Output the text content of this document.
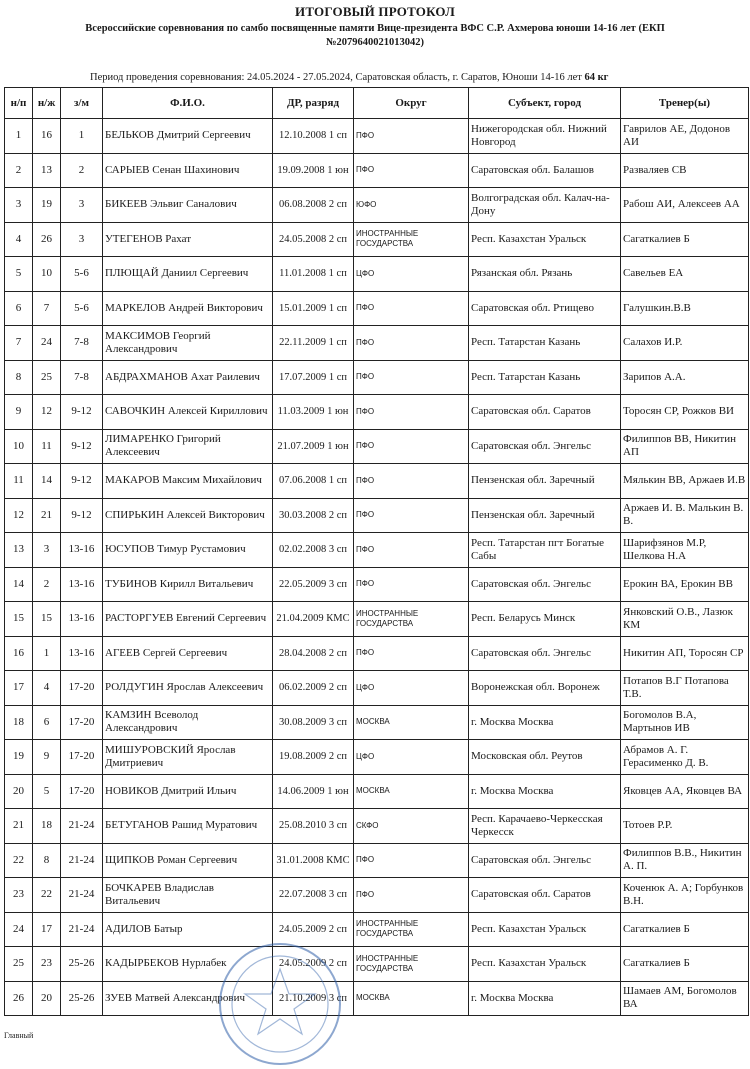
ИТОГОВЫЙ ПРОТОКОЛ
Всероссийские соревнования по самбо посвященные памяти Вице-президента ВФС С.Р. Ахмерова юноши 14-16 лет (ЕКП №2079640021013042)
Период проведения соревнования: 24.05.2024 - 27.05.2024, Саратовская область, г. Саратов, Юноши 14-16 лет 64 кг
н/п	н/ж	з/м	Ф.И.О.	ДР, разряд	Округ	Субъект, город	Тренер(ы)
1	16	1	БЕЛЬКОВ Дмитрий Сергеевич	12.10.2008 1 сп	ПФО	Нижегородская обл. Нижний Новгород	Гаврилов АЕ, Додонов АИ
2	13	2	САРЫЕВ Сенан Шахинович	19.09.2008 1 юн	ПФО	Саратовская обл. Балашов	Разваляев СВ
3	19	3	БИКЕЕВ Эльвиг Саналович	06.08.2008 2 сп	ЮФО	Волгоградская обл. Калач-на-Дону	Рабош АИ, Алексеев АА
4	26	3	УТЕГЕНОВ Рахат	24.05.2008 2 сп	ИНОСТРАННЫЕ ГОСУДАРСТВА	Респ. Казахстан Уральск	Сагаткалиев Б
5	10	5-6	ПЛЮЩАЙ Даниил Сергеевич	11.01.2008 1 сп	ЦФО	Рязанская обл. Рязань	Савельев ЕА
6	7	5-6	МАРКЕЛОВ Андрей Викторович	15.01.2009 1 сп	ПФО	Саратовская обл. Ртищево	Галушкин.В.В
7	24	7-8	МАКСИМОВ Георгий Александрович	22.11.2009 1 сп	ПФО	Респ. Татарстан Казань	Салахов И.Р.
8	25	7-8	АБДРАХМАНОВ Ахат Раилевич	17.07.2009 1 сп	ПФО	Респ. Татарстан Казань	Зарипов А.А.
9	12	9-12	САВОЧКИН Алексей Кириллович	11.03.2009 1 юн	ПФО	Саратовская обл. Саратов	Торосян СР, Рожков ВИ
10	11	9-12	ЛИМАРЕНКО Григорий Алексеевич	21.07.2009 1 юн	ПФО	Саратовская обл. Энгельс	Филиппов ВВ, Никитин АП
11	14	9-12	МАКАРОВ Максим Михайлович	07.06.2008 1 сп	ПФО	Пензенская обл. Заречный	Мялькин ВВ, Аржаев И.В
12	21	9-12	СПИРЬКИН Алексей Викторович	30.03.2008 2 сп	ПФО	Пензенская обл. Заречный	Аржаев И. В. Малькин В. В.
13	3	13-16	ЮСУПОВ Тимур Рустамович	02.02.2008 3 сп	ПФО	Респ. Татарстан пгт Богатые Сабы	Шарифзянов М.Р, Шелкова Н.А
14	2	13-16	ТУБИНОВ Кирилл Витальевич	22.05.2009 3 сп	ПФО	Саратовская обл. Энгельс	Ерокин ВА, Ерокин ВВ
15	15	13-16	РАСТОРГУЕВ Евгений Сергеевич	21.04.2009 КМС	ИНОСТРАННЫЕ ГОСУДАРСТВА	Респ. Беларусь Минск	Янковский О.В., Лазюк КМ
16	1	13-16	АГЕЕВ Сергей Сергеевич	28.04.2008 2 сп	ПФО	Саратовская обл. Энгельс	Никитин АП, Торосян СР
17	4	17-20	РОЛДУГИН Ярослав Алексеевич	06.02.2009 2 сп	ЦФО	Воронежская обл. Воронеж	Потапов В.Г Потапова Т.В.
18	6	17-20	КАМЗИН Всеволод Александрович	30.08.2009 3 сп	МОСКВА	г. Москва Москва	Богомолов В.А, Мартынов ИВ
19	9	17-20	МИШУРОВСКИЙ Ярослав Дмитриевич	19.08.2009 2 сп	ЦФО	Московская обл. Реутов	Абрамов А. Г. Герасименко Д. В.
20	5	17-20	НОВИКОВ Дмитрий Ильич	14.06.2009 1 юн	МОСКВА	г. Москва Москва	Яковцев АА, Яковцев ВА
21	18	21-24	БЕТУГАНОВ Рашид Муратович	25.08.2010 3 сп	СКФО	Респ. Карачаево-Черкесская Черкесск	Тотоев Р.Р.
22	8	21-24	ЩИПКОВ Роман Сергеевич	31.01.2008 КМС	ПФО	Саратовская обл. Энгельс	Филиппов В.В., Никитин А. П.
23	22	21-24	БОЧКАРЕВ Владислав Витальевич	22.07.2008 3 сп	ПФО	Саратовская обл. Саратов	Коченюк А. А; Горбунков В.Н.
24	17	21-24	АДИЛОВ Батыр	24.05.2009 2 сп	ИНОСТРАННЫЕ ГОСУДАРСТВА	Респ. Казахстан Уральск	Сагаткалиев Б
25	23	25-26	КАДЫРБЕКОВ Нурлабек	24.05.2009 2 сп	ИНОСТРАННЫЕ ГОСУДАРСТВА	Респ. Казахстан Уральск	Сагаткалиев Б
26	20	25-26	ЗУЕВ Матвей Александрович	21.10.2009 3 сп	МОСКВА	г. Москва Москва	Шамаев АМ, Богомолов ВА
Главный
